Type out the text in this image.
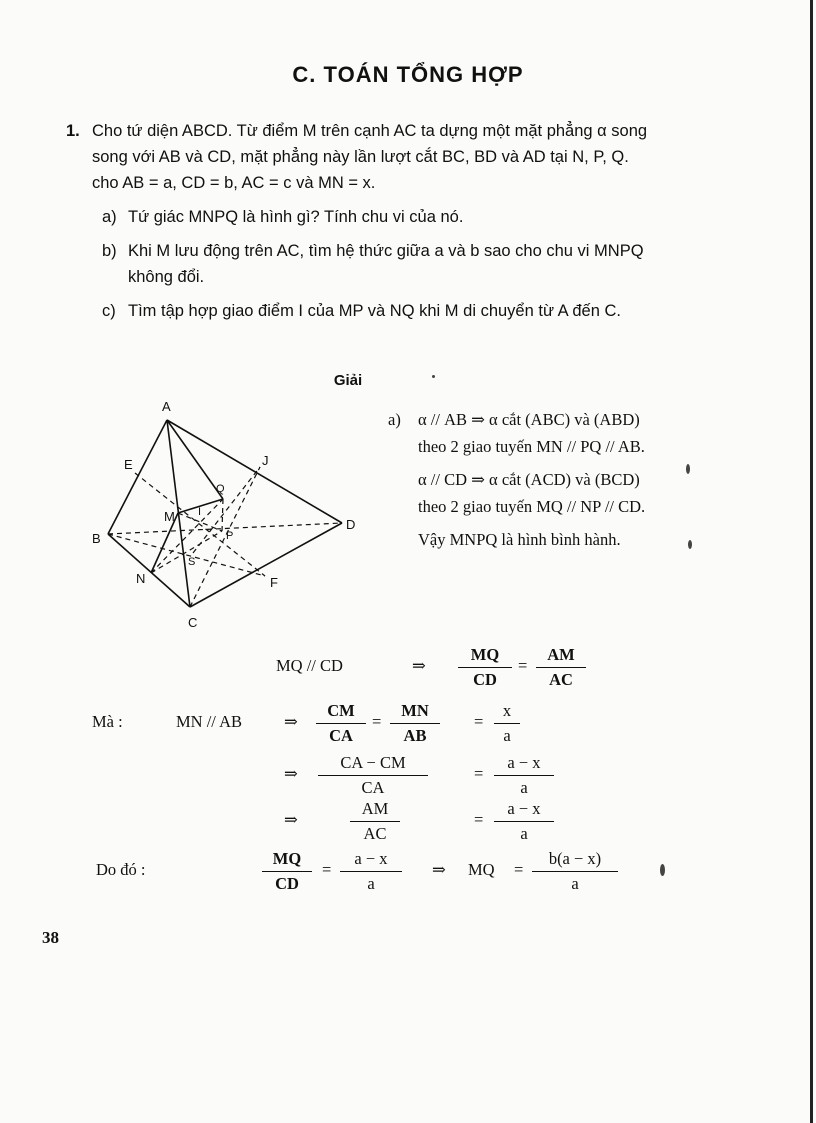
C. TOÁN TỔNG HỢP
1. Cho tứ diện ABCD. Từ điểm M trên cạnh AC ta dựng một mặt phẳng α song song với AB và CD, mặt phẳng này lần lượt cắt BC, BD và AD tại N, P, Q. cho AB = a, CD = b, AC = c và MN = x.
a) Tứ giác MNPQ là hình gì? Tính chu vi của nó.
b) Khi M lưu động trên AC, tìm hệ thức giữa a và b sao cho chu vi MNPQ không đổi.
c) Tìm tập hợp giao điểm I của MP và NQ khi M di chuyển từ A đến C.
Giải
A
B
C
D
E
F
J
M
N
P
Q
I
S
a) α // AB ⇒ α cắt (ABC) và (ABD) theo 2 giao tuyến MN // PQ // AB.

α // CD ⇒ α cắt (ACD) và (BCD) theo 2 giao tuyến MQ // NP // CD.

Vậy MNPQ là hình bình hành.

MQ // CD	⇒ $\frac{MQ}{CD} = \frac{AM}{AC}$
Mà :	MN // AB	⇒ $\frac{CM}{CA} = \frac{MN}{AB} = \frac{x}{a}$
⇒ $\frac{CA - CM}{CA}$	= $\frac{a - x}{a}$
⇒	$\frac{AM}{AC}$	= $\frac{a - x}{a}$
Do đó :	$\frac{MQ}{CD} = \frac{a - x}{a}$ ⇒ MQ = $\frac{b(a - x)}{a}$
38
